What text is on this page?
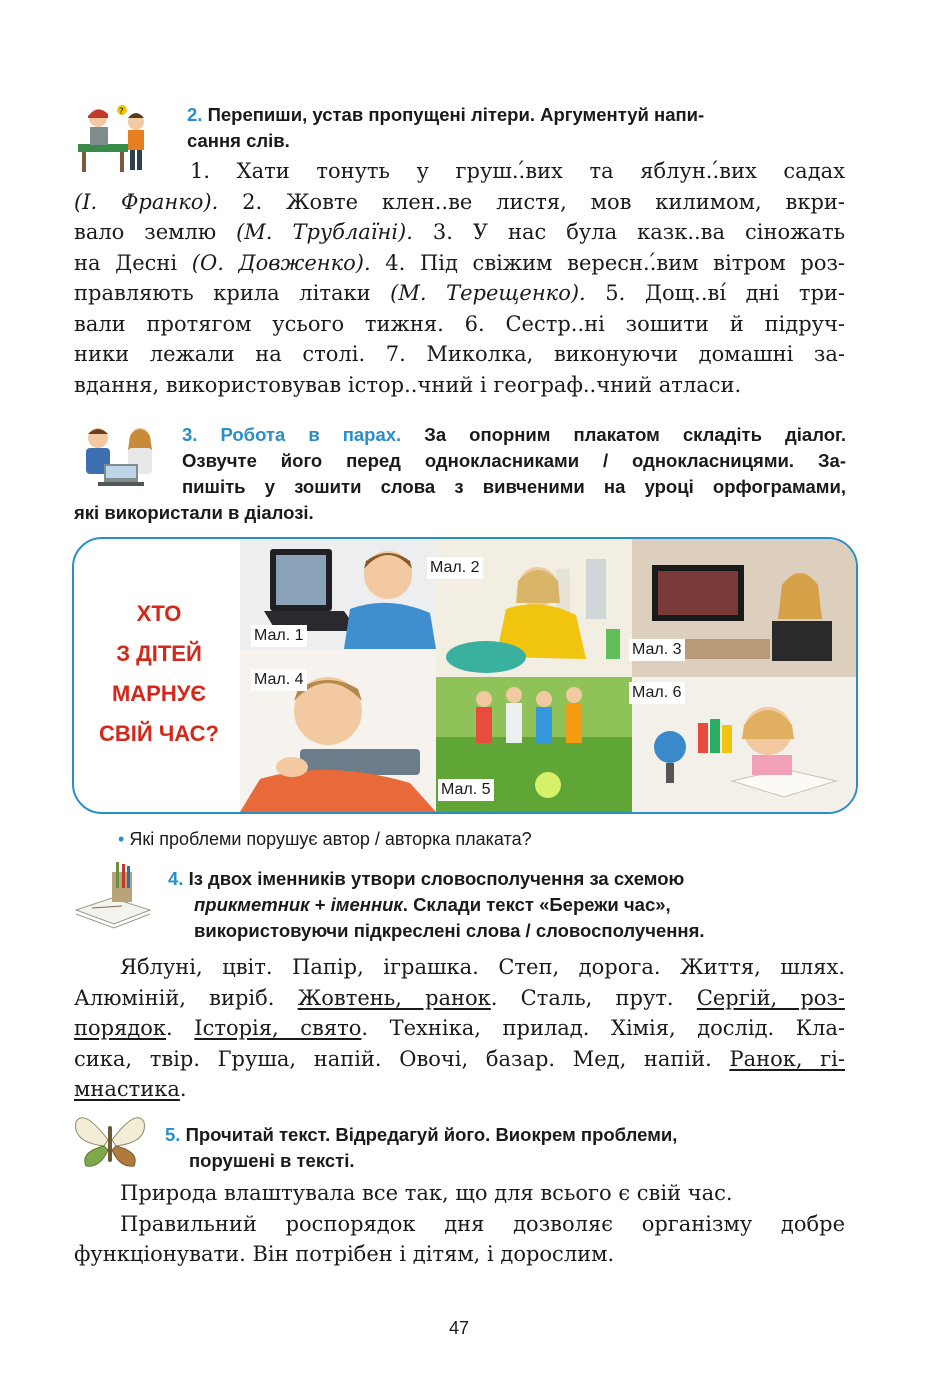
?	2. Перепиши, устав пропущені літери. Аргументуй напи-
сання слів.
1. Хати тонуть у груш..́вих та яблун..́вих садах
(І. Франко). 2. Жовте клен..ве листя, мов килимом, вкри-
вало землю (М. Трублаїні). 3. У нас була казк..ва сіножать
на Десні (О. Довженко). 4. Під свіжим вересн..́вим вітром роз-
правляють крила літаки (М. Терещенко). 5. Дощ..ві́ дні три-
вали протягом усього тижня. 6. Сестр..ні зошити й підруч-
ники лежали на столі. 7. Миколка, виконуючи домашні за-
вдання, використовував істор..чний і географ..чний атласи.
3. Робота в парах. За опорним плакатом складіть діалог.
Озвучте його перед однокласниками / однокласницями. За-
пишіть у зошити слова з вивченими на уроці орфограмами,
які використали в діалозі.
ХТО
З ДІТЕЙ
МАРНУЄ
СВІЙ ЧАС?
Мал. 1
Мал. 2
Мал. 3
Мал. 4
Мал. 5
Мал. 6
• Які проблеми порушує автор / авторка плаката?
4. Із двох іменників утвори словосполучення за схемою
прикметник + іменник. Склади текст «Бережи час»,
використовуючи підкреслені слова / словосполучення.
Яблуні, цвіт. Папір, іграшка. Степ, дорога. Життя, шлях.
Алюміній, виріб. Жовтень, ранок. Сталь, прут. Сергій, роз-
порядок. Історія, свято. Техніка, прилад. Хімія, дослід. Кла-
сика, твір. Груша, напій. Овочі, базар. Мед, напій. Ранок, гі-
мнастика.
5. Прочитай текст. Відредагуй його. Виокрем проблеми,
порушені в тексті.
Природа влаштувала все так, що для всього є свій час.
Правильний роспорядок дня дозволяє організму добре
функціонувати. Він потрібен і дітям, і дорослим.
47
